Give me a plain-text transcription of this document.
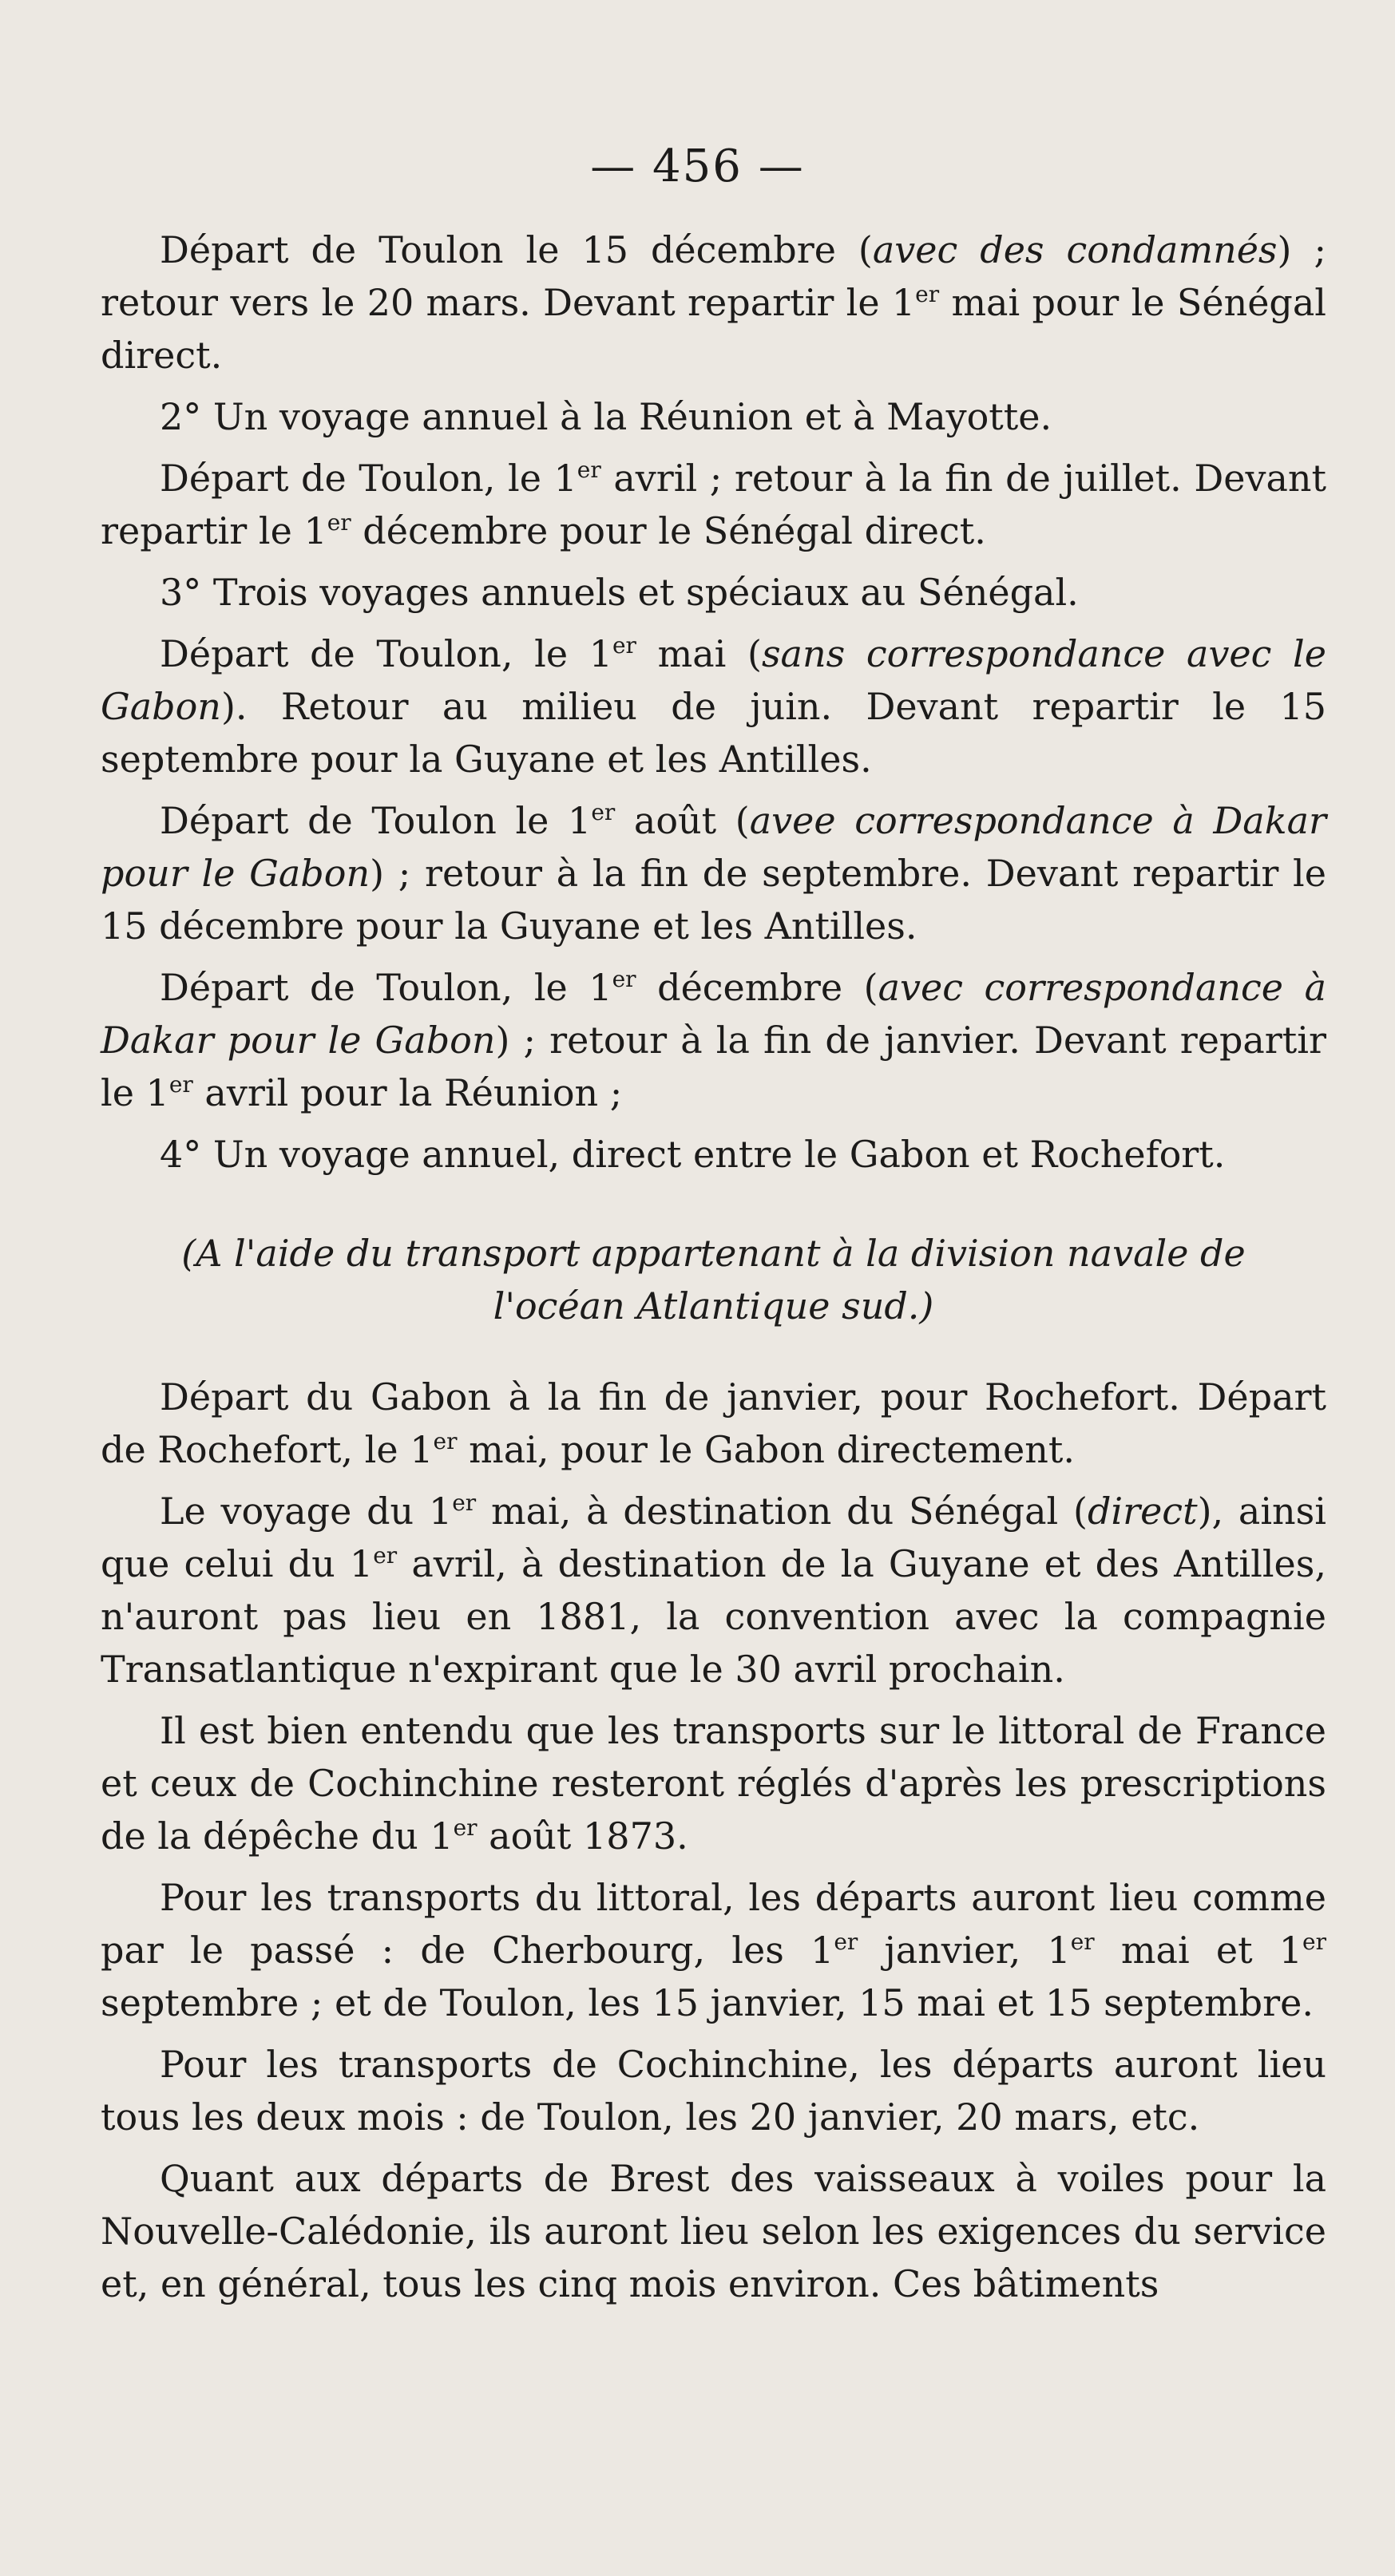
— 456 —

Départ de Toulon le 15 décembre (avec des condamnés) ; retour vers le 20 mars. Devant repartir le 1er mai pour le Sénégal direct.

2° Un voyage annuel à la Réunion et à Mayotte.

Départ de Toulon, le 1er avril ; retour à la fin de juillet. Devant repartir le 1er décembre pour le Sénégal direct.

3° Trois voyages annuels et spéciaux au Sénégal.

Départ de Toulon, le 1er mai (sans correspondance avec le Gabon). Retour au milieu de juin. Devant repartir le 15 septembre pour la Guyane et les Antilles.

Départ de Toulon le 1er août (avee correspondance à Dakar pour le Gabon) ; retour à la fin de septembre. Devant repartir le 15 décembre pour la Guyane et les Antilles.

Départ de Toulon, le 1er décembre (avec correspondance à Dakar pour le Gabon) ; retour à la fin de janvier. Devant repartir le 1er avril pour la Réunion ;

4° Un voyage annuel, direct entre le Gabon et Rochefort.

(A l'aide du transport appartenant à la division navale de
l'océan Atlantique sud.)

Départ du Gabon à la fin de janvier, pour Rochefort. Départ de Rochefort, le 1er mai, pour le Gabon directement.

Le voyage du 1er mai, à destination du Sénégal (direct), ainsi que celui du 1er avril, à destination de la Guyane et des Antilles, n'auront pas lieu en 1881, la convention avec la compagnie Transatlantique n'expirant que le 30 avril prochain.

Il est bien entendu que les transports sur le littoral de France et ceux de Cochinchine resteront réglés d'après les prescriptions de la dépêche du 1er août 1873.

Pour les transports du littoral, les départs auront lieu comme par le passé : de Cherbourg, les 1er janvier, 1er mai et 1er septembre ; et de Toulon, les 15 janvier, 15 mai et 15 septembre.

Pour les transports de Cochinchine, les départs auront lieu tous les deux mois : de Toulon, les 20 janvier, 20 mars, etc.

Quant aux départs de Brest des vaisseaux à voiles pour la Nouvelle-Calédonie, ils auront lieu selon les exigences du service et, en général, tous les cinq mois environ. Ces bâtiments
